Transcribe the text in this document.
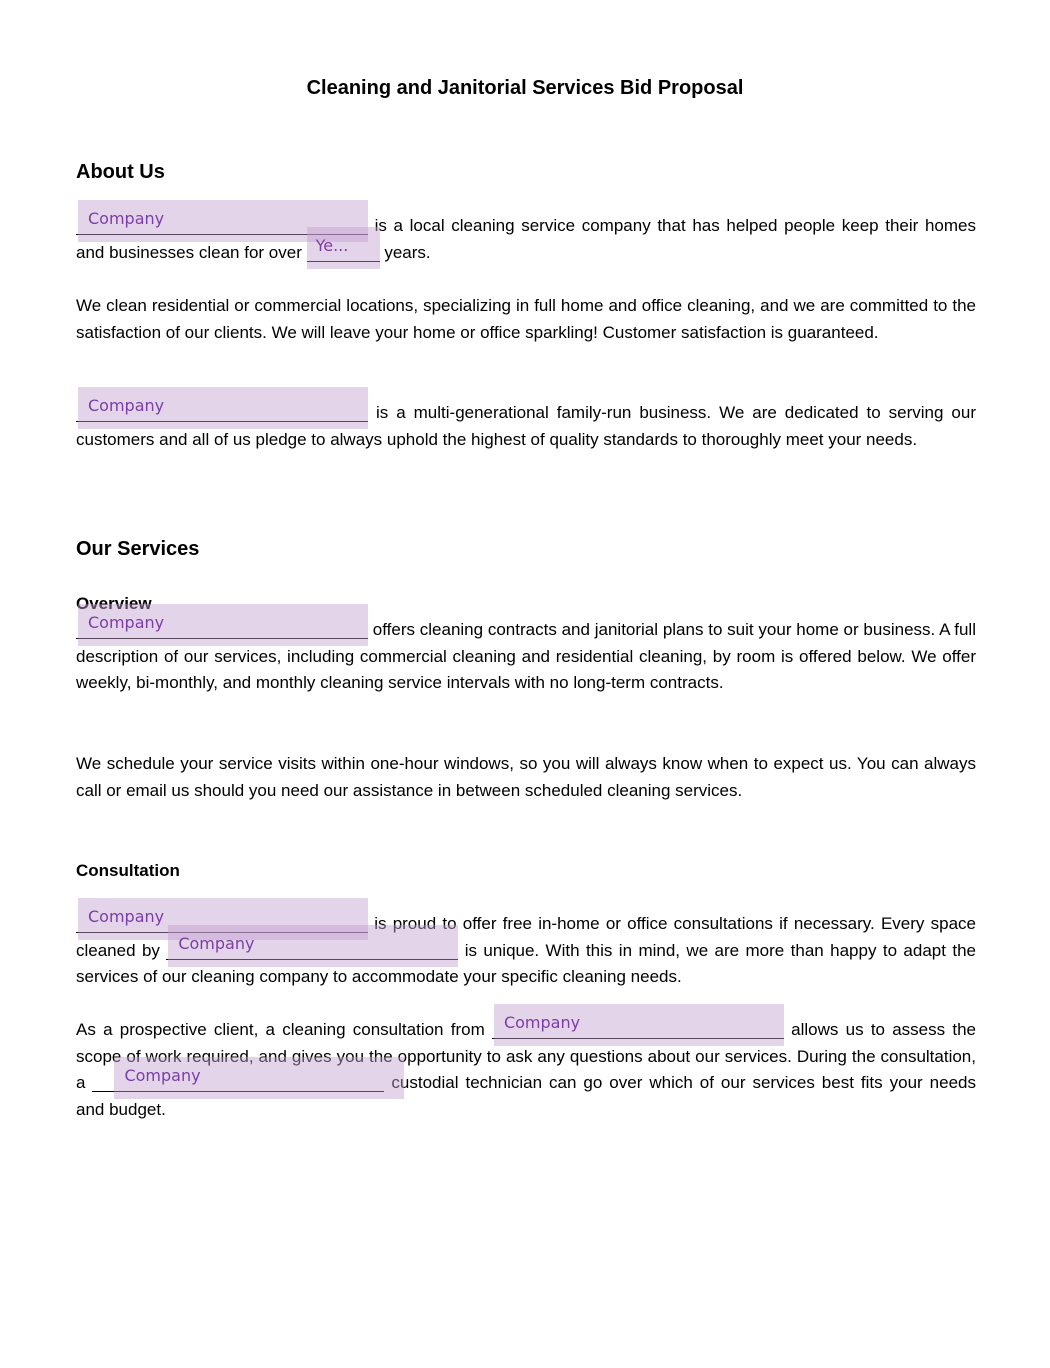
Cleaning and Janitorial Services Bid Proposal
About Us
Company	is a local cleaning service company that has helped people keep their homes and businesses clean for over Ye...	years.
We clean residential or commercial locations, specializing in full home and office cleaning, and we are committed to the satisfaction of our clients. We will leave your home or office sparkling! Customer satisfaction is guaranteed.
Company	is a multi-generational family-run business. We are dedicated to serving our customers and all of us pledge to always uphold the highest of quality standards to thoroughly meet your needs.
Our Services
Overview
Company	offers cleaning contracts and janitorial plans to suit your home or business. A full description of our services, including commercial cleaning and residential cleaning, by room is offered below. We offer weekly, bi-monthly, and monthly cleaning service intervals with no long-term contracts.
We schedule your service visits within one-hour windows, so you will always know when to expect us. You can always call or email us should you need our assistance in between scheduled cleaning services.
Consultation
Company	is proud to offer free in-home or office consultations if necessary. Every space cleaned by Company	is unique. With this in mind, we are more than happy to adapt the services of our cleaning company to accommodate your specific cleaning needs.
As a prospective client, a cleaning consultation from Company	allows us to assess the scope of work required, and gives you the opportunity to ask any questions about our services. During the consultation, a	Company	custodial technician can go over which of our services best fits your needs and budget.
